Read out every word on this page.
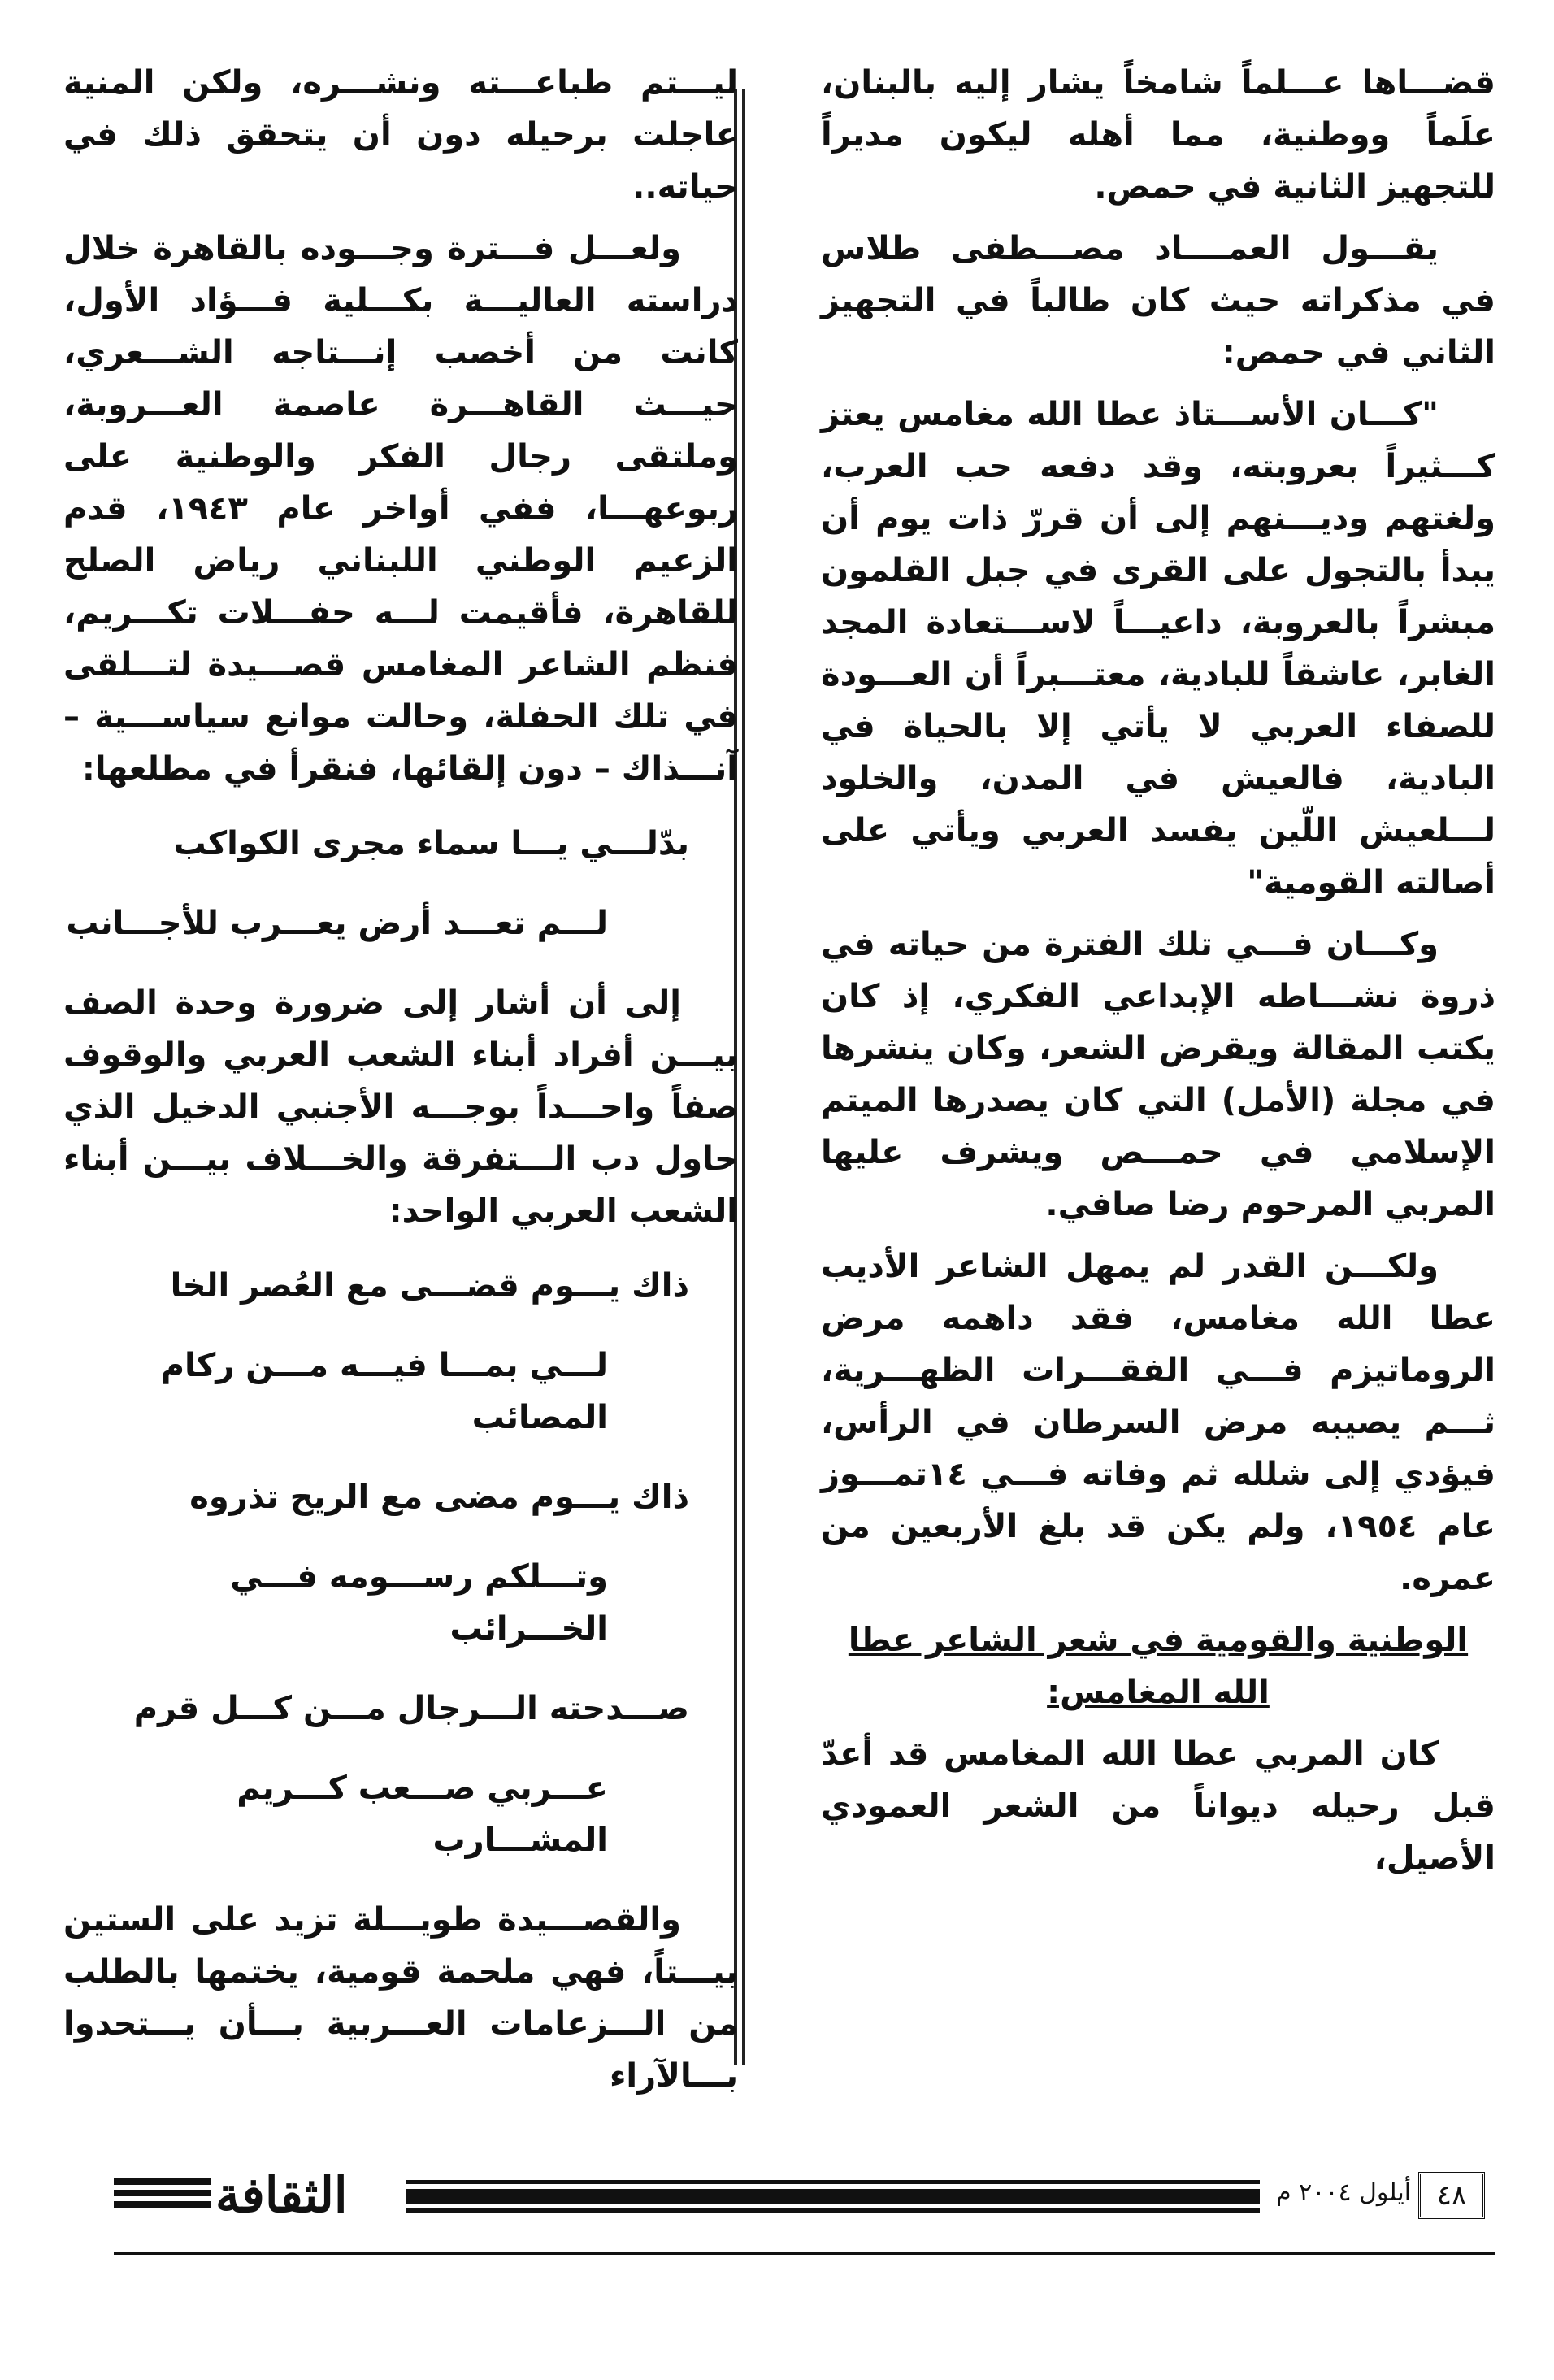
قضـــاها عـــلماً شامخاً يشار إليه بالبنان، علَماً ووطنية، مما أهله ليكون مديراً للتجهيز الثانية في حمص.

يقـــول العمــــاد مصـــطفى طلاس في مذكراته حيث كان طالباً في التجهيز الثاني في حمص:

"كـــان الأســـتاذ عطا الله مغامس يعتز كـــثيراً بعروبته، وقد دفعه حب العرب، ولغتهم وديـــنهم إلى أن قررّ ذات يوم أن يبدأ بالتجول على القرى في جبل القلمون مبشراً بالعروبة، داعيـــاً لاســـتعادة المجد الغابر، عاشقاً للبادية، معتـــبراً أن العـــودة للصفاء العربي لا يأتي إلا بالحياة في البادية، فالعيش في المدن، والخلود لـــلعيش اللّين يفسد العربي ويأتي على أصالته القومية"

وكـــان فـــي تلك الفترة من حياته في ذروة نشـــاطه الإبداعي الفكري، إذ كان يكتب المقالة ويقرض الشعر، وكان ينشرها في مجلة (الأمل) التي كان يصدرها الميتم الإسلامي في حمـــص ويشرف عليها المربي المرحوم رضا صافي.

ولكـــن القدر لم يمهل الشاعر الأديب عطا الله مغامس، فقد داهمه مرض الروماتيزم فـــي الفقـــرات الظهـــرية، ثـــم يصيبه مرض السرطان في الرأس، فيؤدي إلى شلله ثم وفاته فـــي ١٤تمـــوز عام ١٩٥٤، ولم يكن قد بلغ الأربعين من عمره.

الوطنية والقومية في شعر الشاعر عطا الله المغامس:

كان المربي عطا الله المغامس قد أعدّ قبل رحيله ديواناً من الشعر العمودي الأصيل،

ليـــتم طباعـــته ونشـــره، ولكن المنية عاجلت برحيله دون أن يتحقق ذلك في حياته..

ولعـــل فـــترة وجـــوده بالقاهرة خلال دراسته العاليـــة بكـــلية فـــؤاد الأول، كانت من أخصب إنـــتاجه الشـــعري، حيـــث القاهـــرة عاصمة العـــروبة، وملتقى رجال الفكر والوطنية على ربوعهـــا، ففي أواخر عام ١٩٤٣، قدم الزعيم الوطني اللبناني رياض الصلح للقاهرة، فأقيمت لـــه حفـــلات تكـــريم، فنظم الشاعر المغامس قصـــيدة لتـــلقى في تلك الحفلة، وحالت موانع سياســـية – آنـــذاك – دون إلقائها، فنقرأ في مطلعها:

بدّلـــي يـــا سماء مجرى الكواكب
لـــم تعـــد أرض يعـــرب للأجـــانب

إلى أن أشار إلى ضرورة وحدة الصف بيـــن أفراد أبناء الشعب العربي والوقوف صفاً واحـــداً بوجـــه الأجنبي الدخيل الذي حاول دب الـــتفرقة والخـــلاف بيـــن أبناء الشعب العربي الواحد:

ذاك يـــوم قضـــى مع العُصر الخا
لـــي بمـــا فيـــه مـــن ركام المصائب
ذاك يـــوم مضى مع الريح تذروه
وتـــلكم رســـومه فـــي الخـــرائب
صـــدحته الـــرجال مـــن كـــل قرم
عـــربي صـــعب كـــريم المشـــارب

والقصـــيدة طويـــلة تزيد على الستين بيـــتاً، فهي ملحمة قومية، يختمها بالطلب من الـــزعامات العـــربية بـــأن يـــتحدوا بـــالآراء

الثقافة	أيلول ٢٠٠٤ م ٤٨
